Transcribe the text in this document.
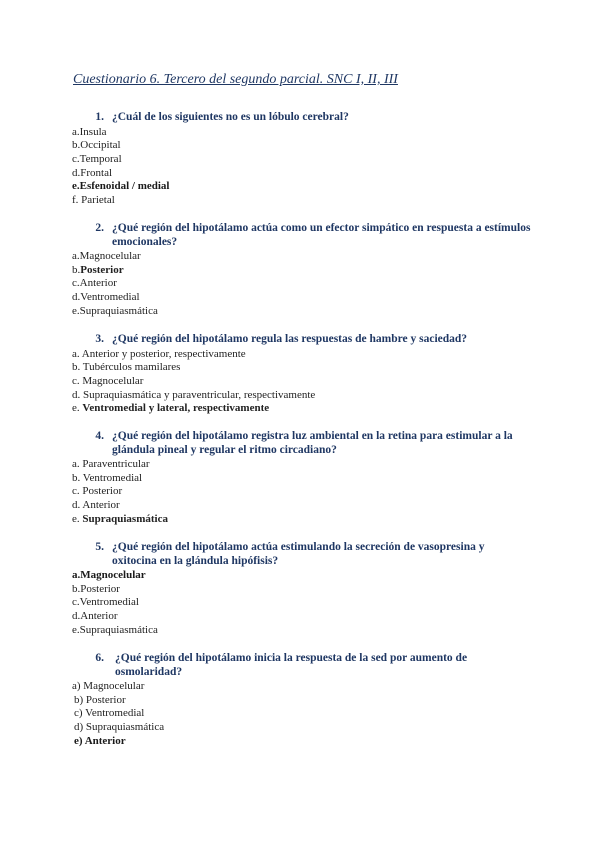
Cuestionario 6. Tercero del segundo parcial. SNC I, II, III
1. ¿Cuál de los siguientes no es un lóbulo cerebral?
a.Insula
b.Occipital
c.Temporal
d.Frontal
e.Esfenoidal / medial
f. Parietal
2. ¿Qué región del hipotálamo actúa como un efector simpático en respuesta a estímulos emocionales?
a.Magnocelular
b.Posterior
c.Anterior
d.Ventromedial
e.Supraquiasmática
3. ¿Qué región del hipotálamo regula las respuestas de hambre y saciedad?
a. Anterior y posterior, respectivamente
b. Tubérculos mamilares
c. Magnocelular
d. Supraquiasmática y paraventricular, respectivamente
e. Ventromedial y lateral, respectivamente
4. ¿Qué región del hipotálamo registra luz ambiental en la retina para estimular a la glándula pineal y regular el ritmo circadiano?
a. Paraventricular
b. Ventromedial
c. Posterior
d. Anterior
e. Supraquiasmática
5. ¿Qué región del hipotálamo actúa estimulando la secreción de vasopresina y oxitocina en la glándula hipófisis?
a.Magnocelular
b.Posterior
c.Ventromedial
d.Anterior
e.Supraquiasmática
6. ¿Qué región del hipotálamo inicia la respuesta de la sed por aumento de osmolaridad?
a) Magnocelular
b) Posterior
c) Ventromedial
d) Supraquiasmática
e) Anterior
